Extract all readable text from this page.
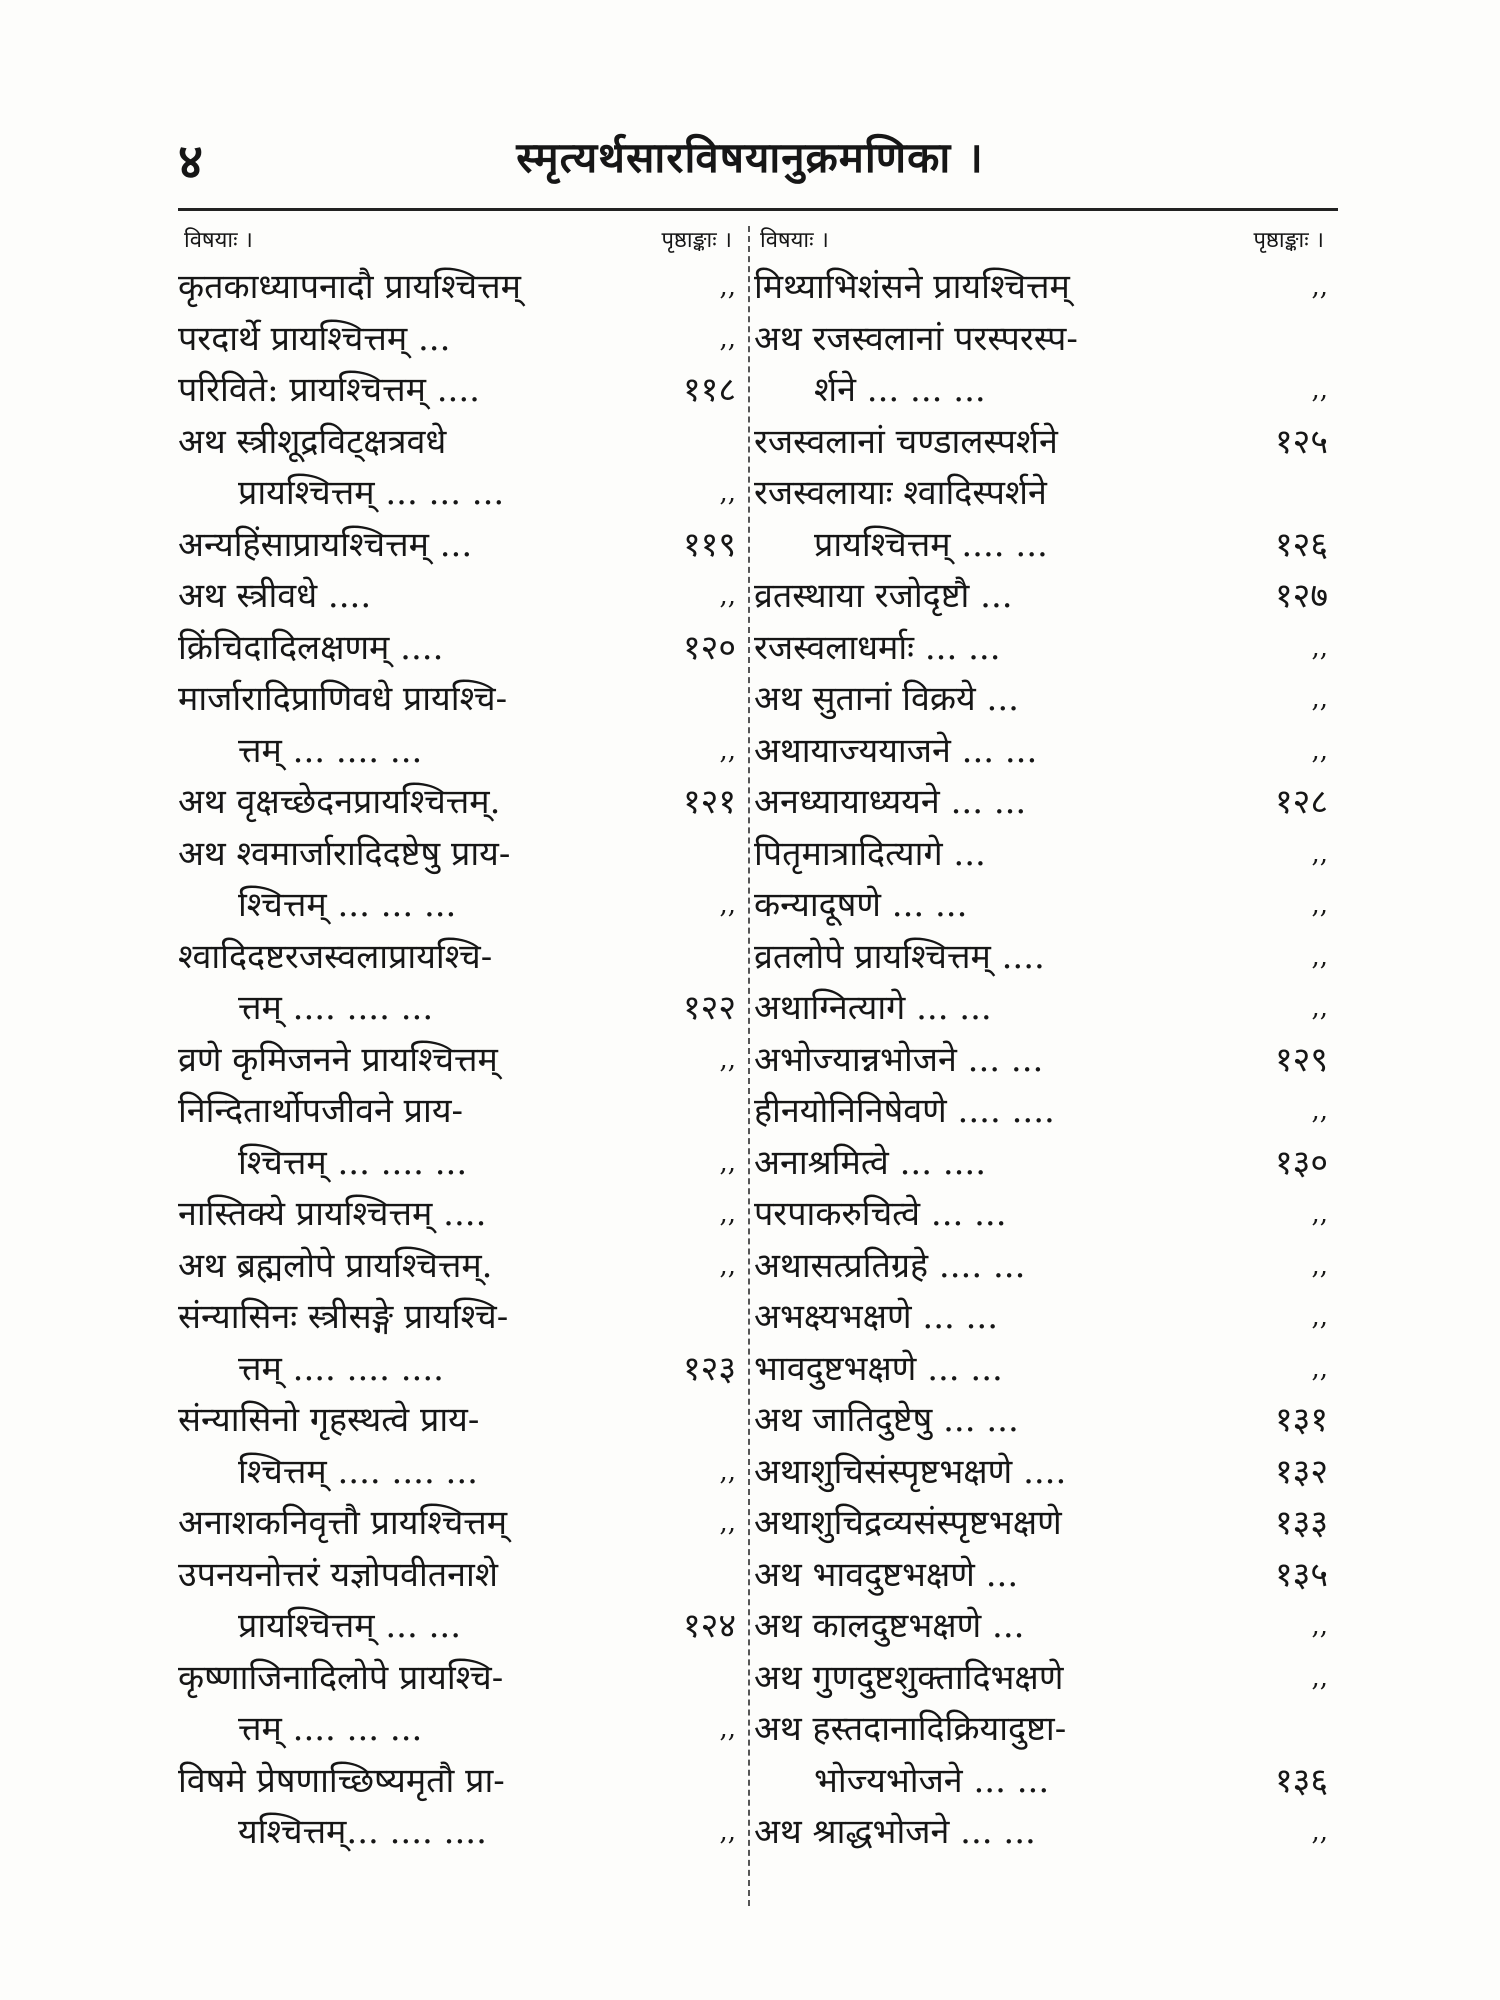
४	स्मृत्यर्थसारविषयानुक्रमणिका ।
विषयाः ।	पृष्ठाङ्काः । विषयाः ।	पृष्ठाङ्काः ।
कृतकाध्यापनादौ प्रायश्चित्तम्	,,
परदार्थे प्रायश्चित्तम् ...	,,
परिविते: प्रायश्चित्तम् ....	११८
अथ स्त्रीशूद्रविट्क्षत्रवधे
प्रायश्चित्तम् ... ... ...	,,
अन्यहिंसाप्रायश्चित्तम् ...	११९
अथ स्त्रीवधे ....	,,
क्रिंचिदादिलक्षणम् ....	१२०
मार्जारादिप्राणिवधे प्रायश्चि-
त्तम् ... .... ...	,,
अथ वृक्षच्छेदनप्रायश्चित्तम्.	१२१
अथ श्वमार्जारादिदष्टेषु प्राय-
श्चित्तम् ... ... ...	,,
श्वादिदष्टरजस्वलाप्रायश्चि-
त्तम् .... .... ...	१२२
व्रणे कृमिजनने प्रायश्चित्तम्	,,
निन्दितार्थोपजीवने प्राय-
श्चित्तम् ... .... ...	,,
नास्तिक्ये प्रायश्चित्तम् ....	,,
अथ ब्रह्मलोपे प्रायश्चित्तम्.	,,
संन्यासिनः स्त्रीसङ्गे प्रायश्चि-
त्तम् .... .... ....	१२३
संन्यासिनो गृहस्थत्वे प्राय-
श्चित्तम् .... .... ...	,,
अनाशकनिवृत्तौ प्रायश्चित्तम्	,,
उपनयनोत्तरं यज्ञोपवीतनाशे
प्रायश्चित्तम् ... ...	१२४
कृष्णाजिनादिलोपे प्रायश्चि-
त्तम् .... ... ...	,,
विषमे प्रेषणाच्छिष्यमृतौ प्रा-
यश्चित्तम्... .... ....	,,
मिथ्याभिशंसने प्रायश्चित्तम्	,,
अथ रजस्वलानां परस्परस्प-
र्शने ... ... ...	,,
रजस्वलानां चण्डालस्पर्शने	१२५
रजस्वलायाः श्वादिस्पर्शने
प्रायश्चित्तम् .... ...	१२६
व्रतस्थाया रजोदृष्टौ ...	१२७
रजस्वलाधर्माः ... ...	,,
अथ सुतानां विक्रये ...	,,
अथायाज्ययाजने ... ...	,,
अनध्यायाध्ययने ... ...	१२८
पितृमात्रादित्यागे ...	,,
कन्यादूषणे ... ...	,,
व्रतलोपे प्रायश्चित्तम् ....	,,
अथाग्नित्यागे ... ...	,,
अभोज्यान्नभोजने ... ...	१२९
हीनयोनिनिषेवणे .... ....	,,
अनाश्रमित्वे ... ....	१३०
परपाकरुचित्वे ... ...	,,
अथासत्प्रतिग्रहे .... ...	,,
अभक्ष्यभक्षणे ... ...	,,
भावदुष्टभक्षणे ... ...	,,
अथ जातिदुष्टेषु ... ...	१३१
अथाशुचिसंस्पृष्टभक्षणे ....	१३२
अथाशुचिद्रव्यसंस्पृष्टभक्षणे	१३३
अथ भावदुष्टभक्षणे ...	१३५
अथ कालदुष्टभक्षणे ...	,,
अथ गुणदुष्टशुक्तादिभक्षणे	,,
अथ हस्तदानादिक्रियादुष्टा-
भोज्यभोजने ... ...	१३६
अथ श्राद्धभोजने ... ...	,,
